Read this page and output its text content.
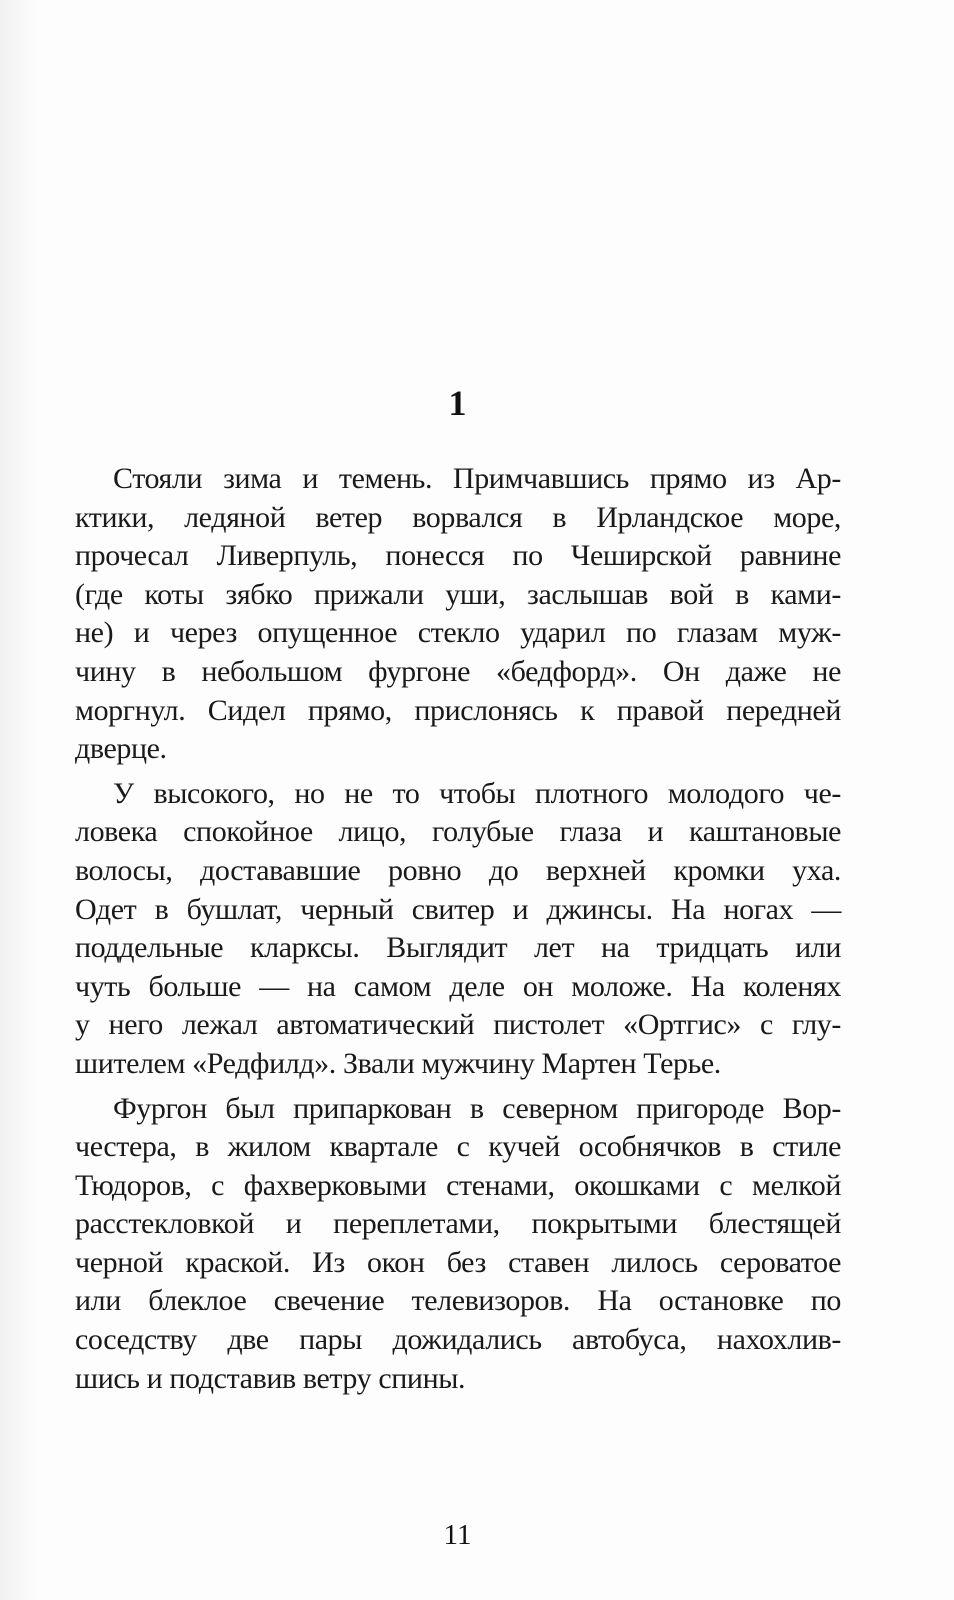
1

Стояли зима и темень. Примчавшись прямо из Ар-
ктики, ледяной ветер ворвался в Ирландское море,
прочесал Ливерпуль, понесся по Чеширской равнине
(где коты зябко прижали уши, заслышав вой в ками-
не) и через опущенное стекло ударил по глазам муж-
чину в небольшом фургоне «бедфорд». Он даже не
моргнул. Сидел прямо, прислонясь к правой передней
дверце.

У высокого, но не то чтобы плотного молодого че-
ловека спокойное лицо, голубые глаза и каштановые
волосы, достававшие ровно до верхней кромки уха.
Одет в бушлат, черный свитер и джинсы. На ногах —
поддельные кларксы. Выглядит лет на тридцать или
чуть больше — на самом деле он моложе. На коленях
у него лежал автоматический пистолет «Ортгис» с глу-
шителем «Редфилд». Звали мужчину Мартен Терье.

Фургон был припаркован в северном пригороде Вор-
честера, в жилом квартале с кучей особнячков в стиле
Тюдоров, с фахверковыми стенами, окошками с мелкой
расстекловкой и переплетами, покрытыми блестящей
черной краской. Из окон без ставен лилось сероватое
или блеклое свечение телевизоров. На остановке по
соседству две пары дожидались автобуса, нахохлив-
шись и подставив ветру спины.

11
